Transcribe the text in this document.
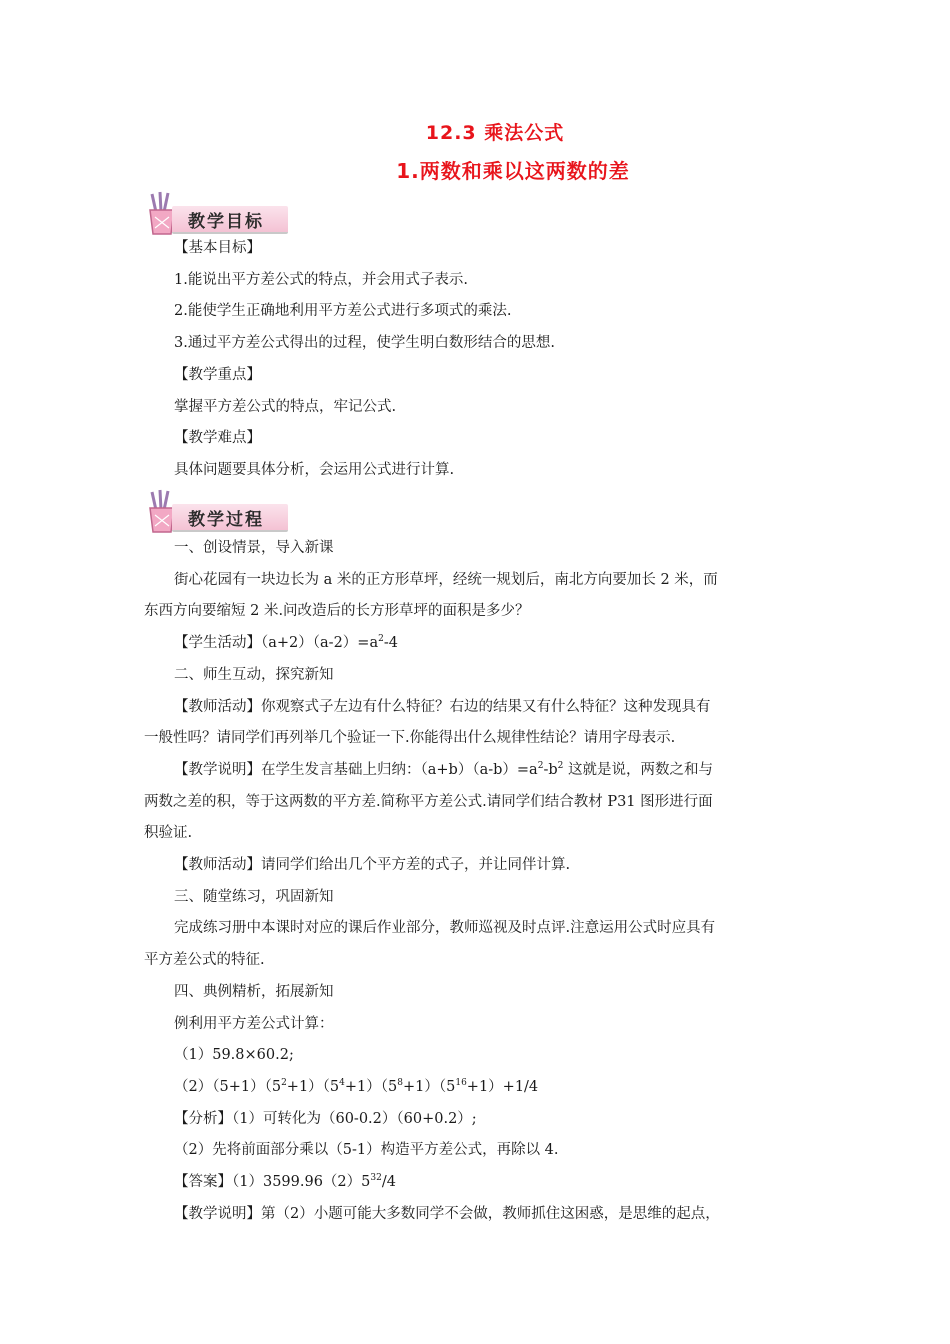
12.3 乘法公式
1.两数和乘以这两数的差
教学目标
【基本目标】
1.能说出平方差公式的特点，并会用式子表示.
2.能使学生正确地利用平方差公式进行多项式的乘法.
3.通过平方差公式得出的过程，使学生明白数形结合的思想.
【教学重点】
掌握平方差公式的特点，牢记公式.
【教学难点】
具体问题要具体分析，会运用公式进行计算.
教学过程
一、创设情景，导入新课
街心花园有一块边长为 a 米的正方形草坪，经统一规划后，南北方向要加长 2 米，而
东西方向要缩短 2 米.问改造后的长方形草坪的面积是多少？
【学生活动】$(a+2)(a-2)=a^2-4$
二、师生互动，探究新知
【教师活动】你观察式子左边有什么特征？右边的结果又有什么特征？这种发现具有
一般性吗？请同学们再列举几个验证一下.你能得出什么规律性结论？请用字母表示.
【教学说明】在学生发言基础上归纳：$(a+b)(a-b)=a^2-b^2$ 这就是说，两数之和与
两数之差的积，等于这两数的平方差.简称平方差公式.请同学们结合教材 P31 图形进行面
积验证.
【教师活动】请同学们给出几个平方差的式子，并让同伴计算.
三、随堂练习，巩固新知
完成练习册中本课时对应的课后作业部分，教师巡视及时点评.注意运用公式时应具有
平方差公式的特征.
四、典例精析，拓展新知
例利用平方差公式计算：
（1）59.8×60.2;
$(2)(5+1)(5^2+1)(5^4+1)(5^8+1)(5^{16}+1)+1/4$
【分析】（1）可转化为（60-0.2）（60+0.2）;
（2）先将前面部分乘以（5-1）构造平方差公式，再除以 4.
【答案】$(1)3599.96(2)5^{32}/4$
【教学说明】第（2）小题可能大多数同学不会做，教师抓住这困惑，是思维的起点，
